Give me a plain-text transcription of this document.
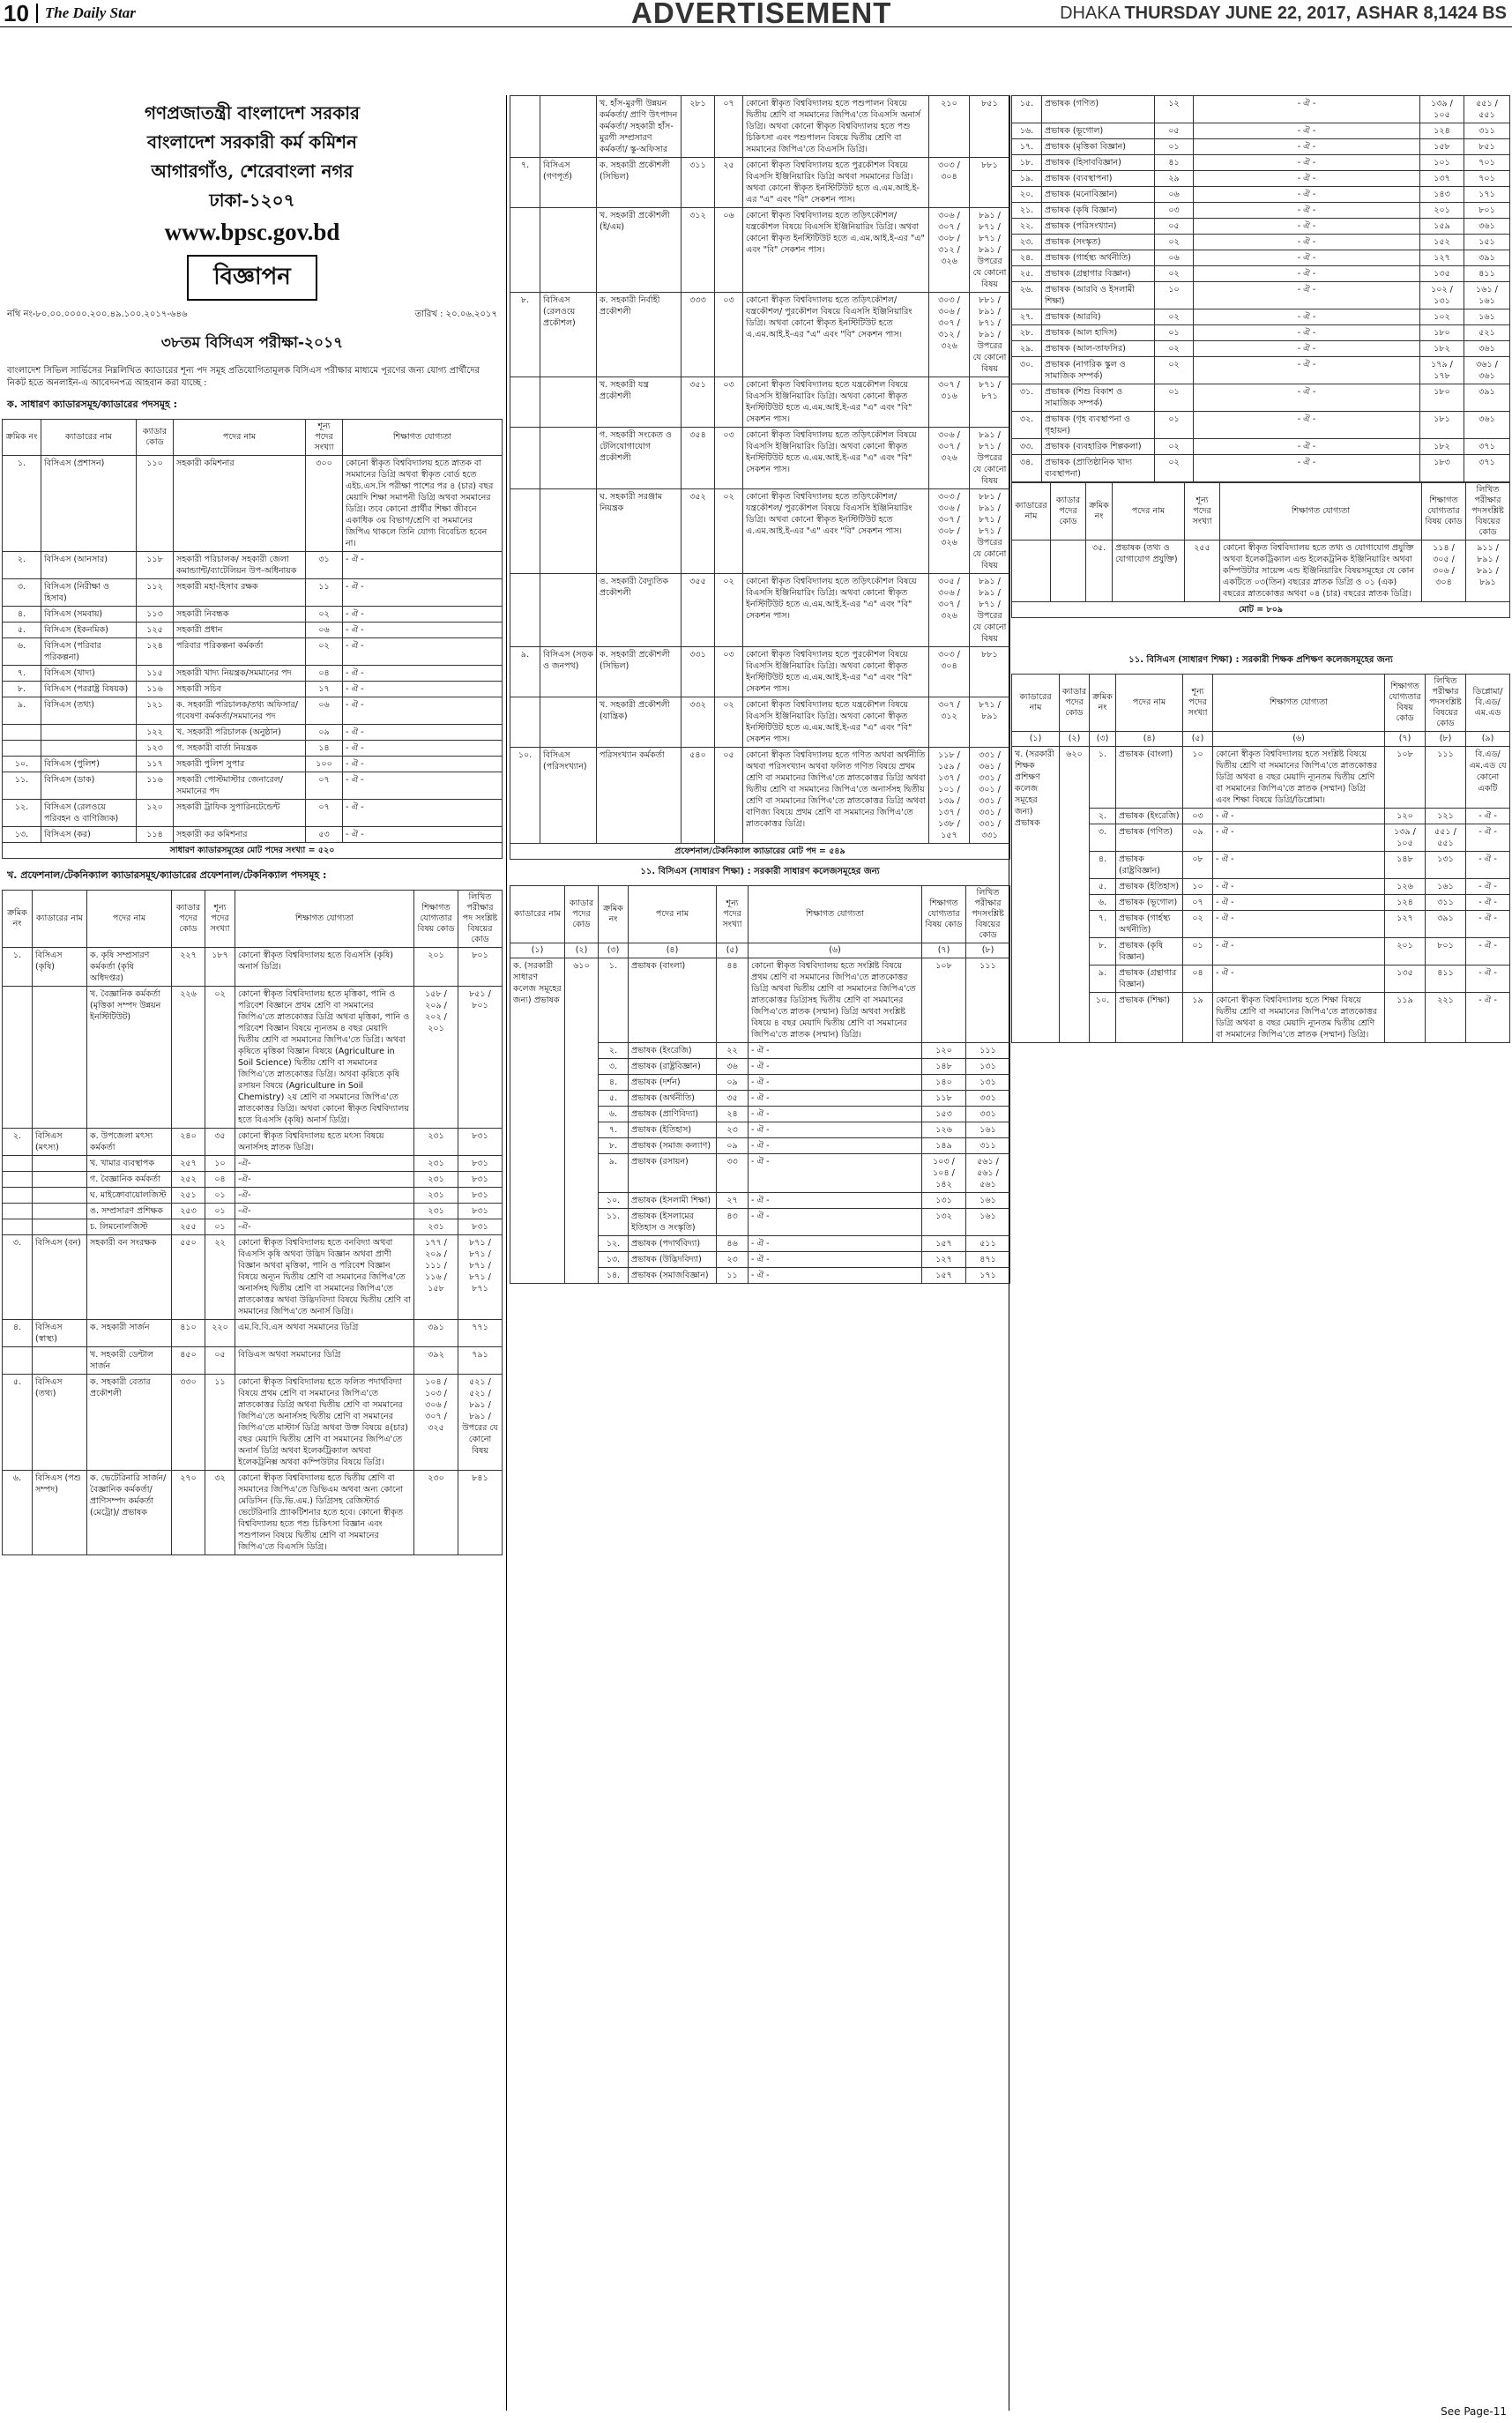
10 The Daily Star	ADVERTISEMENT	DHAKA THURSDAY JUNE 22, 2017, ASHAR 8,1424 BS
গণপ্রজাতন্ত্রী বাংলাদেশ সরকার
বাংলাদেশ সরকারী কর্ম কমিশন
আগারগাঁও, শেরেবাংলা নগর
ঢাকা-১২০৭
www.bpsc.gov.bd
বিজ্ঞাপন
নথি নং-৮০.০০.০০০০.২০০.৪৯.১০০.২০১৭-৬৪৬	তারিখ : ২০.০৬.২০১৭
৩৮তম বিসিএস পরীক্ষা-২০১৭
বাংলাদেশ সিভিল সার্ভিসের নিম্নলিখিত ক্যাডারের শূন্য পদ সমূহ প্রতিযোগিতামূলক বিসিএস পরীক্ষার মাধ্যমে পূরণের জন্য যোগ্য প্রার্থীদের নিকট হতে অনলাইন-এ আবেদনপত্র আহবান করা যাচ্ছে :
ক. সাধারণ ক্যাডারসমূহ/ক্যাডারের পদসমূহ :
ক্রমিক নং	ক্যাডারের নাম	ক্যাডার কোড	পদের নাম	শূন্য পদের সংখ্যা	শিক্ষাগত যোগ্যতা
১.	বিসিএস (প্রশাসন)	১১০	সহকারী কমিশনার	৩০০	কোনো স্বীকৃত বিশ্ববিদ্যালয় হতে স্নাতক বা সমমানের ডিগ্রি অথবা স্বীকৃত বোর্ড হতে এইচ.এস.সি পরীক্ষা পাশের পর ৪ (চার) বছর মেয়াদি শিক্ষা সমাপনী ডিগ্রি অথবা সমমানের ডিগ্রি। তবে কোনো প্রার্থীর শিক্ষা জীবনে একাধিক ৩য় বিভাগ/শ্রেণি বা সমমানের জিপিএ থাকলে তিনি যোগ্য বিবেচিত হবেন না।
২.	বিসিএস (আনসার)	১১৮	সহকারী পরিচালক/ সহকারী জেলা কমান্ড্যান্ট/ব্যাটেলিয়ন উপ-অধিনায়ক	৩১	- ঐ -
৩.	বিসিএস (নিরীক্ষা ও হিসাব)	১১২	সহকারী মহা-হিসাব রক্ষক	১১	- ঐ -
৪.	বিসিএস (সমবায়)	১১৩	সহকারী নিবন্ধক	০২	- ঐ -
৫.	বিসিএস (ইকনমিক)	১২৫	সহকারী প্রধান	০৬	- ঐ -
৬.	বিসিএস (পরিবার পরিকল্পনা)	১২৪	পরিবার পরিকল্পনা কর্মকর্তা	০২	- ঐ -
৭.	বিসিএস (খাদ্য)	১১৫	সহকারী খাদ্য নিয়ন্ত্রক/সমমানের পদ	০৪	- ঐ -
৮.	বিসিএস (পররাষ্ট্র বিষয়ক)	১১৬	সহকারী সচিব	১৭	- ঐ -
৯.	বিসিএস (তথ্য)	১২১	ক. সহকারী পরিচালক/তথ্য অফিসার/গবেষণা কর্মকর্তা/সমমানের পদ	০৬	- ঐ -
		১২২	খ. সহকারী পরিচালক (অনুষ্ঠান)	০৯	- ঐ -
		১২৩	গ. সহকারী বার্তা নিয়ন্ত্রক	১৪	- ঐ -
১০.	বিসিএস (পুলিশ)	১১৭	সহকারী পুলিশ সুপার	১০০	- ঐ -
১১.	বিসিএস (ডাক)	১১৬	সহকারী পোস্টমাস্টার জেনারেল/সমমানের পদ	০৭	- ঐ -
১২.	বিসিএস (রেলওয়ে পরিবহন ও বাণিজ্যিক)	১২০	সহকারী ট্রাফিক সুপারিনটেন্ডেন্ট	০৭	- ঐ -
১৩.	বিসিএস (কর)	১১৪	সহকারী কর কমিশনার	৫৩	- ঐ -
সাধারণ ক্যাডারসমূহের মোট পদের সংখ্যা = ৫২০					
খ. প্রফেশনাল/টেকনিক্যাল ক্যাডারসমূহ/ক্যাডারের প্রফেশনাল/টেকনিক্যাল পদসমূহ :
ক্রমিক নং	ক্যাডারের নাম	পদের নাম	ক্যাডার পদের কোড	শূন্য পদের সংখ্যা	শিক্ষাগত যোগ্যতা	শিক্ষাগত যোগ্যতার বিষয় কোড	লিখিত পরীক্ষার পদ সংশ্লিষ্ট বিষয়ের কোড
১.	বিসিএস (কৃষি)	ক. কৃষি সম্প্রসারণ কর্মকর্তা (কৃষি অধিদপ্তর)	২২৭	১৮৭	কোনো স্বীকৃত বিশ্ববিদ্যালয় হতে বিএসসি (কৃষি) অনার্স ডিগ্রি।	২০১	৮০১
		খ. বৈজ্ঞানিক কর্মকর্তা (মৃত্তিকা সম্পদ উন্নয়ন ইনস্টিটিউট)	২২৬	০২	কোনো স্বীকৃত বিশ্ববিদ্যালয় হতে মৃত্তিকা, পানি ও পরিবেশ বিজ্ঞানে প্রথম শ্রেণি বা সমমানের জিপিএ'তে স্নাতকোত্তর ডিগ্রি অথবা মৃত্তিকা, পানি ও পরিবেশ বিজ্ঞান বিষয়ে ন্যূনতম ৪ বছর মেয়াদি দ্বিতীয় শ্রেণি বা সমমানের জিপিএ'তে ডিগ্রি। অথবা কৃষিতে মৃত্তিকা বিজ্ঞান বিষয়ে (Agriculture in Soil Science) দ্বিতীয় শ্রেণি বা সমমানের জিপিএ'তে স্নাতকোত্তর ডিগ্রি। অথবা কৃষিতে কৃষি রসায়ন বিষয়ে (Agriculture in Soil Chemistry) ২য় শ্রেণি বা সমমানের জিপিএ'তে স্নাতকোত্তর ডিগ্রি। অথবা কোনো স্বীকৃত বিশ্ববিদ্যালয় হতে বিএসসি (কৃষি) অনার্স ডিগ্রি।	১৫৮ / ২০৯ / ২০২ / ২০১	৮৫১ / ৮০১
২.	বিসিএস (মৎস্য)	ক. উপজেলা মৎস্য কর্মকর্তা	২৪০	৩৫	কোনো স্বীকৃত বিশ্ববিদ্যালয় হতে মৎস্য বিষয়ে অনার্সসহ স্নাতক ডিগ্রি।	২৩১	৮৩১
		খ. খামার ব্যবস্থাপক	২৫৭	১০	-ঐ-	২৩১	৮৩১
		গ. বৈজ্ঞানিক কর্মকর্তা	২৫২	০৪	-ঐ-	২৩১	৮৩১
		ঘ. মাইক্রোবায়োলজিস্ট	২৫১	০১	-ঐ-	২৩১	৮৩১
		ঙ. সম্প্রসারণ প্রশিক্ষক	২৫৩	০১	-ঐ-	২৩১	৮৩১
		চ. লিমনোলজিস্ট	২৫৫	০১	-ঐ-	২৩১	৮৩১
৩.	বিসিএস (বন)	সহকারী বন সংরক্ষক	৫৫০	২২	কোনো স্বীকৃত বিশ্ববিদ্যালয় হতে বনবিদ্যা অথবা বিএসসি কৃষি অথবা উদ্ভিদ বিজ্ঞান অথবা প্রাণী বিজ্ঞান অথবা মৃত্তিকা, পানি ও পরিবেশ বিজ্ঞান বিষয়ে অন্যূন দ্বিতীয় শ্রেণি বা সমমানের জিপিএ'তে অনার্সসহ দ্বিতীয় শ্রেণি বা সমমানের জিপিএ'তে স্নাতকোত্তর অথবা উদ্ভিদবিদ্যা বিষয়ে দ্বিতীয় শ্রেণি বা সমমানের জিপিএ'তে অনার্স ডিগ্রি।	১৭৭ / ২০৯ / ১১১ / ১১৬ / ১৫৮	৮৭১ / ৮৭১ / ৮৭১ / ৮৭১ / ৮৭১
৪.	বিসিএস (স্বাস্থ্য)	ক. সহকারী সার্জন	৪১০	২২০	এম.বি.বি.এস অথবা সমমানের ডিগ্রি	৩৯১	৭৭১
		খ. সহকারী ডেন্টাল সার্জন	৪৫০	০৫	বিডিএস অথবা সমমানের ডিগ্রি	৩৯২	৭৯১
৫.	বিসিএস (তথ্য)	ক. সহকারী বেতার প্রকৌশলী	৩৩০	১১	কোনো স্বীকৃত বিশ্ববিদ্যালয় হতে ফলিত পদার্থবিদ্যা বিষয়ে প্রথম শ্রেণি বা সমমানের জিপিএ'তে স্নাতকোত্তর ডিগ্রি অথবা দ্বিতীয় শ্রেণি বা সমমানের জিপিএ'তে অনার্সসহ দ্বিতীয় শ্রেণি বা সমমানের জিপিএ'তে মাস্টার্স ডিগ্রি অথবা উক্ত বিষয়ে ৪(চার) বছর মেয়াদি দ্বিতীয় শ্রেণি বা সমমানের জিপিএ'তে অনার্স ডিগ্রি অথবা ইলেকট্রিক্যাল অথবা ইলেকট্রনিক্স অথবা কম্পিউটার বিষয়ে ডিগ্রি।	১০৪ / ১০৩ / ৩০৬ / ৩০৭ / ৩২৫	৫২১ / ৫২১ / ৮৯১ / ৮৯১ / উপরের যে কোনো বিষয়
৬.	বিসিএস (পশু সম্পদ)	ক. ভেটেরিনারি সার্জন/বৈজ্ঞানিক কর্মকর্তা/প্রাণিসম্পদ কর্মকর্তা (মেট্রো)/ প্রভাষক	২৭০	৩২	কোনো স্বীকৃত বিশ্ববিদ্যালয় হতে দ্বিতীয় শ্রেণি বা সমমানের জিপিএ'তে ডিভিএম অথবা অন্য কোনো মেডিসিন (ডি.ভি.এম.) ডিগ্রিসহ রেজিস্টার্ড ভেটেরিনারি প্র্যাকটিশনার হতে হবে। কোনো স্বীকৃত বিশ্ববিদ্যালয় হতে পশু চিকিৎসা বিজ্ঞান এবং পশুপালন বিষয়ে দ্বিতীয় শ্রেণি বা সমমানের জিপিএ'তে বিএসসি ডিগ্রি।	২৩০	৮৪১
		খ. হাঁস-মুরগী উন্নয়ন কর্মকর্তা/ প্রাণি উৎপাদন কর্মকর্তা/ সহকারী হাঁস-মুরগী সম্প্রসারণ কর্মকর্তা/ স্কু-অফিসার	২৮১	০৭	কোনো স্বীকৃত বিশ্ববিদ্যালয় হতে পশুপালন বিষয়ে দ্বিতীয় শ্রেণি বা সমমানের জিপিএ'তে বিএসসি অনার্স ডিগ্রি। অথবা কোনো স্বীকৃত বিশ্ববিদ্যালয় হতে পশু চিকিৎসা এবং পশুপালন বিষয়ে দ্বিতীয় শ্রেণি বা সমমানের জিপিএ'তে বিএসসি ডিগ্রি।	২১০	৮৫১
৭.	বিসিএস (গণপূর্ত)	ক. সহকারী প্রকৌশলী (সিভিল)	৩১১	২৫	কোনো স্বীকৃত বিশ্ববিদ্যালয় হতে পুরকৌশল বিষয়ে বিএসসি ইঞ্জিনিয়ারিং ডিগ্রি অথবা সমমানের ডিগ্রি। অথবা কোনো স্বীকৃত ইনস্টিটিউট হতে এ.এম.আই.ই-এর "এ" এবং "বি" সেকশন পাস।	৩০৩ / ৩০৪	৮৮১
		খ. সহকারী প্রকৌশলী (ই/এম)	৩১২	০৬	কোনো স্বীকৃত বিশ্ববিদ্যালয় হতে তড়িৎকৌশল/ যন্ত্রকৌশল বিষয়ে বিএসসি ইঞ্জিনিয়ারিং ডিগ্রি। অথবা কোনো স্বীকৃত ইনস্টিটিউট হতে এ.এম.আই.ই-এর "এ" এবং "বি" সেকশন পাস।	৩০৬ / ৩০৭ / ৩০৮ / ৩১২ / ৩২৬	৮৯১ / ৮৭১ / ৮৭১ / ৮৯১ / উপরের যে কোনো বিষয়
৮.	বিসিএস (রেলওয়ে প্রকৌশল)	ক. সহকারী নির্বাহী প্রকৌশলী	৩৩৩	০৩	কোনো স্বীকৃত বিশ্ববিদ্যালয় হতে তড়িৎকৌশল/ যন্ত্রকৌশল/ পুরকৌশল বিষয়ে বিএসসি ইঞ্জিনিয়ারিং ডিগ্রি। অথবা কোনো স্বীকৃত ইনস্টিটিউট হতে এ.এম.আই.ই-এর "এ" এবং "বি" সেকশন পাস।	৩০৩ / ৩০৬ / ৩০৭ / ৩১২ / ৩২৬	৮৮১ / ৮৯১ / ৮৭১ / ৮৯১ / উপরের যে কোনো বিষয়
		খ. সহকারী যন্ত্র প্রকৌশলী	৩৫১	০৩	কোনো স্বীকৃত বিশ্ববিদ্যালয় হতে যন্ত্রকৌশল বিষয়ে বিএসসি ইঞ্জিনিয়ারিং ডিগ্রি। অথবা কোনো স্বীকৃত ইনস্টিটিউট হতে এ.এম.আই.ই-এর "এ" এবং "বি" সেকশন পাস।	৩০৭ / ৩১৬	৮৭১ / ৮৭১
		গ. সহকারী সংকেত ও টেলিযোগাযোগ প্রকৌশলী	৩৫৪	০৩	কোনো স্বীকৃত বিশ্ববিদ্যালয় হতে তড়িৎকৌশল বিষয়ে বিএসসি ইঞ্জিনিয়ারিং ডিগ্রি। অথবা কোনো স্বীকৃত ইনস্টিটিউট হতে এ.এম.আই.ই-এর "এ" এবং "বি" সেকশন পাস।	৩০৬ / ৩০৭ / ৩২৬	৮৯১ / ৮৭১ / উপরের যে কোনো বিষয়
		ঘ. সহকারী সরঞ্জাম নিয়ন্ত্রক	৩৫২	০২	কোনো স্বীকৃত বিশ্ববিদ্যালয় হতে তড়িৎকৌশল/ যন্ত্রকৌশল/ পুরকৌশল বিষয়ে বিএসসি ইঞ্জিনিয়ারিং ডিগ্রি। অথবা কোনো স্বীকৃত ইনস্টিটিউট হতে এ.এম.আই.ই-এর "এ" এবং "বি" সেকশন পাস।	৩০৩ / ৩০৬ / ৩০৭ / ৩০৮ / ৩২৬	৮৮১ / ৮৯১ / ৮৭১ / ৮৭১ / উপরের যে কোনো বিষয়
		ঙ. সহকারী বৈদ্যুতিক প্রকৌশলী	৩৫৫	০২	কোনো স্বীকৃত বিশ্ববিদ্যালয় হতে তড়িৎকৌশল বিষয়ে বিএসসি ইঞ্জিনিয়ারিং ডিগ্রি। অথবা কোনো স্বীকৃত ইনস্টিটিউট হতে এ.এম.আই.ই-এর "এ" এবং "বি" সেকশন পাস।	৩০৫ / ৩০৬ / ৩০৭ / ৩২৬	৮৯১ / ৮৯১ / ৮৭১ / উপরের যে কোনো বিষয়
৯.	বিসিএস (সড়ক ও জনপথ)	ক. সহকারী প্রকৌশলী (সিভিল)	৩৩১	০৩	কোনো স্বীকৃত বিশ্ববিদ্যালয় হতে পুরকৌশল বিষয়ে বিএসসি ইঞ্জিনিয়ারিং ডিগ্রি। অথবা কোনো স্বীকৃত ইনস্টিটিউট হতে এ.এম.আই.ই-এর "এ" এবং "বি" সেকশন পাস।	৩০৩ / ৩০৪	৮৮১
		খ. সহকারী প্রকৌশলী (যান্ত্রিক)	৩৩২	০২	কোনো স্বীকৃত বিশ্ববিদ্যালয় হতে যন্ত্রকৌশল বিষয়ে বিএসসি ইঞ্জিনিয়ারিং ডিগ্রি। অথবা কোনো স্বীকৃত ইনস্টিটিউট হতে এ.এম.আই.ই-এর "এ" এবং "বি" সেকশন পাস।	৩০৭ / ৩১২	৮৭১ / ৮৯১
১০.	বিসিএস (পরিসংখ্যান)	পরিসংখ্যান কর্মকর্তা	৫৪০	০৫	কোনো স্বীকৃত বিশ্ববিদ্যালয় হতে গণিত অথবা অর্থনীতি অথবা পরিসংখ্যান অথবা ফলিত গণিত বিষয়ে প্রথম শ্রেণি বা সমমানের জিপিএ'তে স্নাতকোত্তর ডিগ্রি অথবা দ্বিতীয় শ্রেণি বা সমমানের জিপিএ'তে অনার্সসহ দ্বিতীয় শ্রেণি বা সমমানের জিপিএ'তে স্নাতকোত্তর ডিগ্রি অথবা বাণিজ্য বিষয়ে প্রথম শ্রেণি বা সমমানের জিপিএ'তে স্নাতকোত্তর ডিগ্রি।	১১৮ / ১৫৯ / ১৩৭ / ১০১ / ১৩৯ / ১৩৭ / ১৩৮ / ১৫৭	৩৩১ / ৩৬১ / ৩৩১ / ৩০১ / ৩৩১ / ৩৩১ / ৩৩১ / ৩৩১
প্রফেশনাল/টেকনিক্যাল ক্যাডারের মোট পদ = ৫৪৯							
১১. বিসিএস (সাধারণ শিক্ষা) : সরকারী সাধারণ কলেজসমূহের জন্য
ক্যাডারের নাম	ক্যাডার পদের কোড	ক্রমিক নং	পদের নাম	শূন্য পদের সংখ্যা	শিক্ষাগত যোগ্যতা	শিক্ষাগত যোগ্যতার বিষয় কোড	লিখিত পরীক্ষার পদসংশ্লিষ্ট বিষয়ের কোড
(১)	(২)	(৩)	(৪)	(৫)	(৬)	(৭)	(৮)
ক. (সরকারী সাধারণ কলেজ সমূহের জন্য) প্রভাষক	৬১০	১.	প্রভাষক (বাংলা)	৪৪	কোনো স্বীকৃত বিশ্ববিদ্যালয় হতে সংশ্লিষ্ট বিষয়ে প্রথম শ্রেণি বা সমমানের জিপিএ'তে স্নাতকোত্তর ডিগ্রি অথবা দ্বিতীয় শ্রেণি বা সমমানের জিপিএ'তে স্নাতকোত্তর ডিগ্রিসহ দ্বিতীয় শ্রেণি বা সমমানের জিপিএ'তে স্নাতক (সম্মান) ডিগ্রি অথবা সংশ্লিষ্ট বিষয়ে ৪ বছর মেয়াদি দ্বিতীয় শ্রেণি বা সমমানের জিপিএ'তে স্নাতক (সম্মান) ডিগ্রি।	১০৮	১১১
		২.	প্রভাষক (ইংরেজি)	২২	- ঐ -	১২০	১১১
		৩.	প্রভাষক (রাষ্ট্রবিজ্ঞান)	৩৬	- ঐ -	১৪৮	১৩১
		৪.	প্রভাষক (দর্শন)	০৯	- ঐ -	১৪০	১৩১
		৫.	প্রভাষক (অর্থনীতি)	৩৫	- ঐ -	১১৮	৩৩১
		৬.	প্রভাষক (প্রাণিবিদ্যা)	২৪	- ঐ -	১৫৩	৩৩১
		৭.	প্রভাষক (ইতিহাস)	২৩	- ঐ -	১২৬	১৬১
		৮.	প্রভাষক (সমাজ কল্যাণ)	০৯	- ঐ -	১৪৯	৩১১
		৯.	প্রভাষক (রসায়ন)	৩৩	- ঐ -	১০৩ / ১০৪ / ১৪২	৫৬১ / ৫৬১ / ৫৬১
		১০.	প্রভাষক (ইসলামী শিক্ষা)	২৭	- ঐ -	১৩১	১৬১
		১১.	প্রভাষক (ইসলামের ইতিহাস ও সংস্কৃতি)	৪৩	- ঐ -	১৩২	১৬১
		১২.	প্রভাষক (পদার্থবিদ্যা)	৪৬	- ঐ -	১৫৭	৫১১
		১৩.	প্রভাষক (উদ্ভিদবিদ্যা)	২৩	- ঐ -	১২৭	৪৭১
		১৪.	প্রভাষক (সমাজবিজ্ঞান)	১১	- ঐ -	১৫৭	১৭১
১৫.	প্রভাষক (গণিত)	১২	- ঐ -	১৩৯ / ১০৫	৫৫১ / ৫৫১
১৬.	প্রভাষক (ভূগোল)	০৫	- ঐ -	১২৪	৩১১
১৭.	প্রভাষক (মৃত্তিকা বিজ্ঞান)	০১	- ঐ -	১৫৮	৮৫১
১৮.	প্রভাষক (হিসাববিজ্ঞান)	৪১	- ঐ -	১০১	৭০১
১৯.	প্রভাষক (ব্যবস্থাপনা)	২৯	- ঐ -	১৩৭	৭০১
২০.	প্রভাষক (মনোবিজ্ঞান)	০৬	- ঐ -	১৪৩	১৭১
২১.	প্রভাষক (কৃষি বিজ্ঞান)	০৩	- ঐ -	২০১	৮০১
২২.	প্রভাষক (পরিসংখ্যান)	০৫	- ঐ -	১৫৯	৩৬১
২৩.	প্রভাষক (সংস্কৃত)	০২	- ঐ -	১৫২	১৫১
২৪.	প্রভাষক (গার্হস্থ্য অর্থনীতি)	০৬	- ঐ -	১২৭	৩৯১
২৫.	প্রভাষক (গ্রন্থাগার বিজ্ঞান)	০২	- ঐ -	১৩৫	৪১১
২৬.	প্রভাষক (আরবি ও ইসলামী শিক্ষা)	১০	- ঐ -	১০২ / ১৩১	১৬১ / ১৬১
২৭.	প্রভাষক (আরবি)	০২	- ঐ -	১০২	১৬১
২৮.	প্রভাষক (আল হাদিস)	০১	- ঐ -	১৮০	৫২১
২৯.	প্রভাষক (আল-তাফসির)	০২	- ঐ -	১৮২	৩৬১
৩০.	প্রভাষক (নাগরিক স্কুল ও সামাজিক সম্পর্ক)	০২	- ঐ -	১৭৯ / ১৭৮	৩৬১ / ৩৬১
৩১.	প্রভাষক (শিশু বিকাশ ও সামাজিক সম্পর্ক)	০১	- ঐ -	১৮০	৩৯১
৩২.	প্রভাষক (গৃহ ব্যবস্থাপনা ও গৃহায়ন)	০১	- ঐ -	১৮১	৩৬১
৩৩.	প্রভাষক (ব্যবহারিক শিল্পকলা)	০২	- ঐ -	১৮২	৩৭১
৩৪.	প্রভাষক (প্রাতিষ্ঠানিক খাদ্য ব্যবস্থাপনা)	০২	- ঐ -	১৮৩	৩৭১
ক্যাডারের নাম	ক্যাডার পদের কোড	ক্রমিক নং	পদের নাম	শূন্য পদের সংখ্যা	শিক্ষাগত যোগ্যতা	শিক্ষাগত যোগ্যতার বিষয় কোড	লিখিত পরীক্ষার পদসংশ্লিষ্ট বিষয়ের কোড
		৩৫.	প্রভাষক (তথ্য ও যোগাযোগ প্রযুক্তি)	২৫৫	কোনো স্বীকৃত বিশ্ববিদ্যালয় হতে তথ্য ও যোগাযোগ প্রযুক্তি অথবা ইলেকট্রিক্যাল এন্ড ইলেকট্রনিক ইঞ্জিনিয়ারিং অথবা কম্পিউটার সায়েন্স এন্ড ইঞ্জিনিয়ারিং বিষয়সমূহের যে কোন একটিতে ০৩(তিন) বছরের স্নাতক ডিগ্রি ও ০১ (এক) বছরের স্নাতকোত্তর অথবা ০৪ (চার) বছরের স্নাতক ডিগ্রি।	১১৪ / ৩০৫ / ৩০৬ / ৩০৪	৯১১ / ৮৯১ / ৮৯১ / ৮৯১
মোট = ৮০৯							
১১. বিসিএস (সাধারণ শিক্ষা) : সরকারী শিক্ষক প্রশিক্ষণ কলেজসমূহের জন্য
ক্যাডারের নাম	ক্যাডার পদের কোড	ক্রমিক নং	পদের নাম	শূন্য পদের সংখ্যা	শিক্ষাগত যোগ্যতা	শিক্ষাগত যোগ্যতার বিষয় কোড	লিখিত পরীক্ষার পদসংশ্লিষ্ট বিষয়ের কোড	ডিপ্লোমা/বি.এড/এম.এড
(১)	(২)	(৩)	(৪)	(৫)	(৬)	(৭)	(৮)	(৯)
খ. (সরকারী শিক্ষক প্রশিক্ষণ কলেজ সমূহের জন্য) প্রভাষক	৬২০	১.	প্রভাষক (বাংলা)	১০	কোনো স্বীকৃত বিশ্ববিদ্যালয় হতে সংশ্লিষ্ট বিষয়ে দ্বিতীয় শ্রেণি বা সমমানের জিপিএ'তে স্নাতকোত্তর ডিগ্রি অথবা ৪ বছর মেয়াদি ন্যূনতম দ্বিতীয় শ্রেণি বা সমমানের জিপিএ'তে স্নাতক (সম্মান) ডিগ্রি এবং শিক্ষা বিষয়ে ডিগ্রি/ডিপ্লোমা।	১০৮	১১১	বি.এড/এম.এড যে কোনো একটি
		২.	প্রভাষক (ইংরেজি)	০৩	- ঐ -	১২০	১২১	- ঐ -
		৩.	প্রভাষক (গণিত)	০৯	- ঐ -	১৩৯ / ১০৫	৫৫১ / ৫৫১	- ঐ -
		৪.	প্রভাষক (রাষ্ট্রবিজ্ঞান)	০৮	- ঐ -	১৪৮	১৩১	- ঐ -
		৫.	প্রভাষক (ইতিহাস)	১০	- ঐ -	১২৬	১৬১	- ঐ -
		৬.	প্রভাষক (ভূগোল)	০৭	- ঐ -	১২৪	৩১১	- ঐ -
		৭.	প্রভাষক (গার্হস্থ্য অর্থনীতি)	০২	- ঐ -	১২৭	৩৯১	- ঐ -
		৮.	প্রভাষক (কৃষি বিজ্ঞান)	০১	- ঐ -	২০১	৮০১	- ঐ -
		৯.	প্রভাষক (গ্রন্থাগার বিজ্ঞান)	০৪	- ঐ -	১৩৫	৪১১	- ঐ -
		১০.	প্রভাষক (শিক্ষা)	১৯	কোনো স্বীকৃত বিশ্ববিদ্যালয় হতে শিক্ষা বিষয়ে দ্বিতীয় শ্রেণি বা সমমানের জিপিএ'তে স্নাতকোত্তর ডিগ্রি অথবা ৪ বছর মেয়াদি ন্যূনতম দ্বিতীয় শ্রেণি বা সমমানের জিপিএ'তে স্নাতক (সম্মান) ডিগ্রি।	১১৯	২২১	- ঐ -
See Page-11
